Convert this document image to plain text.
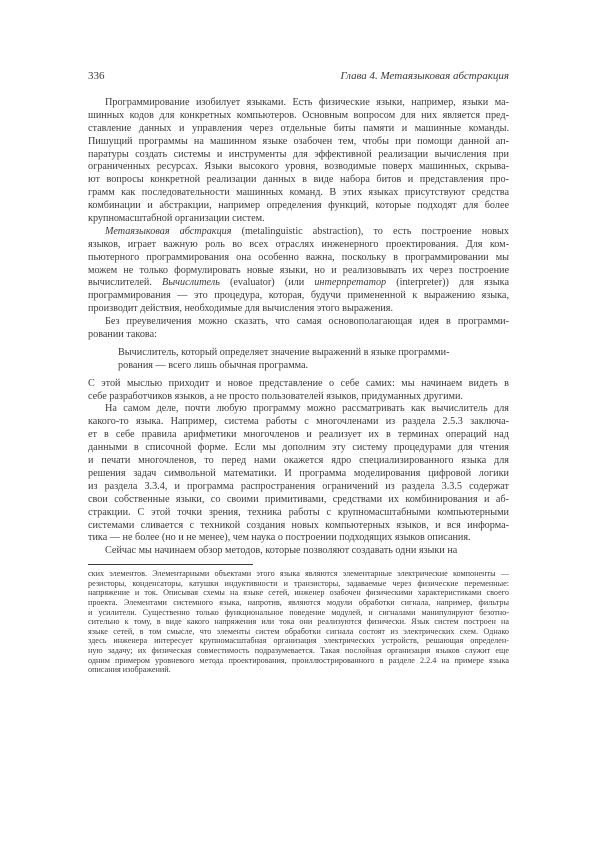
336	Глава 4. Метаязыковая абстракция
Программирование изобилует языками. Есть физические языки, например, языки ма-
шинных кодов для конкретных компьютеров. Основным вопросом для них является пред-
ставление данных и управления через отдельные биты памяти и машинные команды.
Пишущий программы на машинном языке озабочен тем, чтобы при помощи данной ап-
паратуры создать системы и инструменты для эффективной реализации вычисления при
ограниченных ресурсах. Языки высокого уровня, возводимые поверх машинных, скрыва-
ют вопросы конкретной реализации данных в виде набора битов и представления про-
грамм как последовательности машинных команд. В этих языках присутствуют средства
комбинации и абстракции, например определения функций, которые подходят для более
крупномасштабной организации систем.
Метаязыковая абстракция (metalinguistic abstraction), то есть построение новых
языков, играет важную роль во всех отраслях инженерного проектирования. Для ком-
пьютерного программирования она особенно важна, поскольку в программировании мы
можем не только формулировать новые языки, но и реализовывать их через построение
вычислителей. Вычислитель (evaluator) (или интерпретатор (interpreter)) для языка
программирования — это процедура, которая, будучи примененной к выражению языка,
производит действия, необходимые для вычисления этого выражения.
Без преувеличения можно сказать, что самая основополагающая идея в программи-
ровании такова:
Вычислитель, который определяет значение выражений в языке программи-
рования — всего лишь обычная программа.
С этой мыслью приходит и новое представление о себе самих: мы начинаем видеть в
себе разработчиков языков, а не просто пользователей языков, придуманных другими.
На самом деле, почти любую программу можно рассматривать как вычислитель для
какого-то языка. Например, система работы с многочленами из раздела 2.5.3 заключа-
ет в себе правила арифметики многочленов и реализует их в терминах операций над
данными в списочной форме. Если мы дополним эту систему процедурами для чтения
и печати многочленов, то перед нами окажется ядро специализированного языка для
решения задач символьной математики. И программа моделирования цифровой логики
из раздела 3.3.4, и программа распространения ограничений из раздела 3.3.5 содержат
свои собственные языки, со своими примитивами, средствами их комбинирования и аб-
стракции. С этой точки зрения, техника работы с крупномасштабными компьютерными
системами сливается с техникой создания новых компьютерных языков, и вся информа-
тика — не более (но и не менее), чем наука о построении подходящих языков описания.
Сейчас мы начинаем обзор методов, которые позволяют создавать одни языки на
ских элементов. Элементарными объектами этого языка являются элементарные электрические компоненты —
резисторы, конденсаторы, катушки индуктивности и транзисторы, задаваемые через физические переменные:
напряжение и ток. Описывая схемы на языке сетей, инженер озабочен физическими характеристиками своего
проекта. Элементами системного языка, напротив, являются модули обработки сигнала, например, фильтры
и усилители. Существенно только функциональное поведение модулей, и сигналами манипулируют безотно-
сительно к тому, в виде какого напряжения или тока они реализуются физически. Язык систем построен на
языке сетей, в том смысле, что элементы систем обработки сигнала состоят из электрических схем. Однако
здесь инженера интересует крупномасштабная организация электрических устройств, решающая определен-
ную задачу; их физическая совместимость подразумевается. Такая послойная организация языков служит еще
одним примером уровневого метода проектирования, проиллюстрированного в разделе 2.2.4 на примере языка
описания изображений.
